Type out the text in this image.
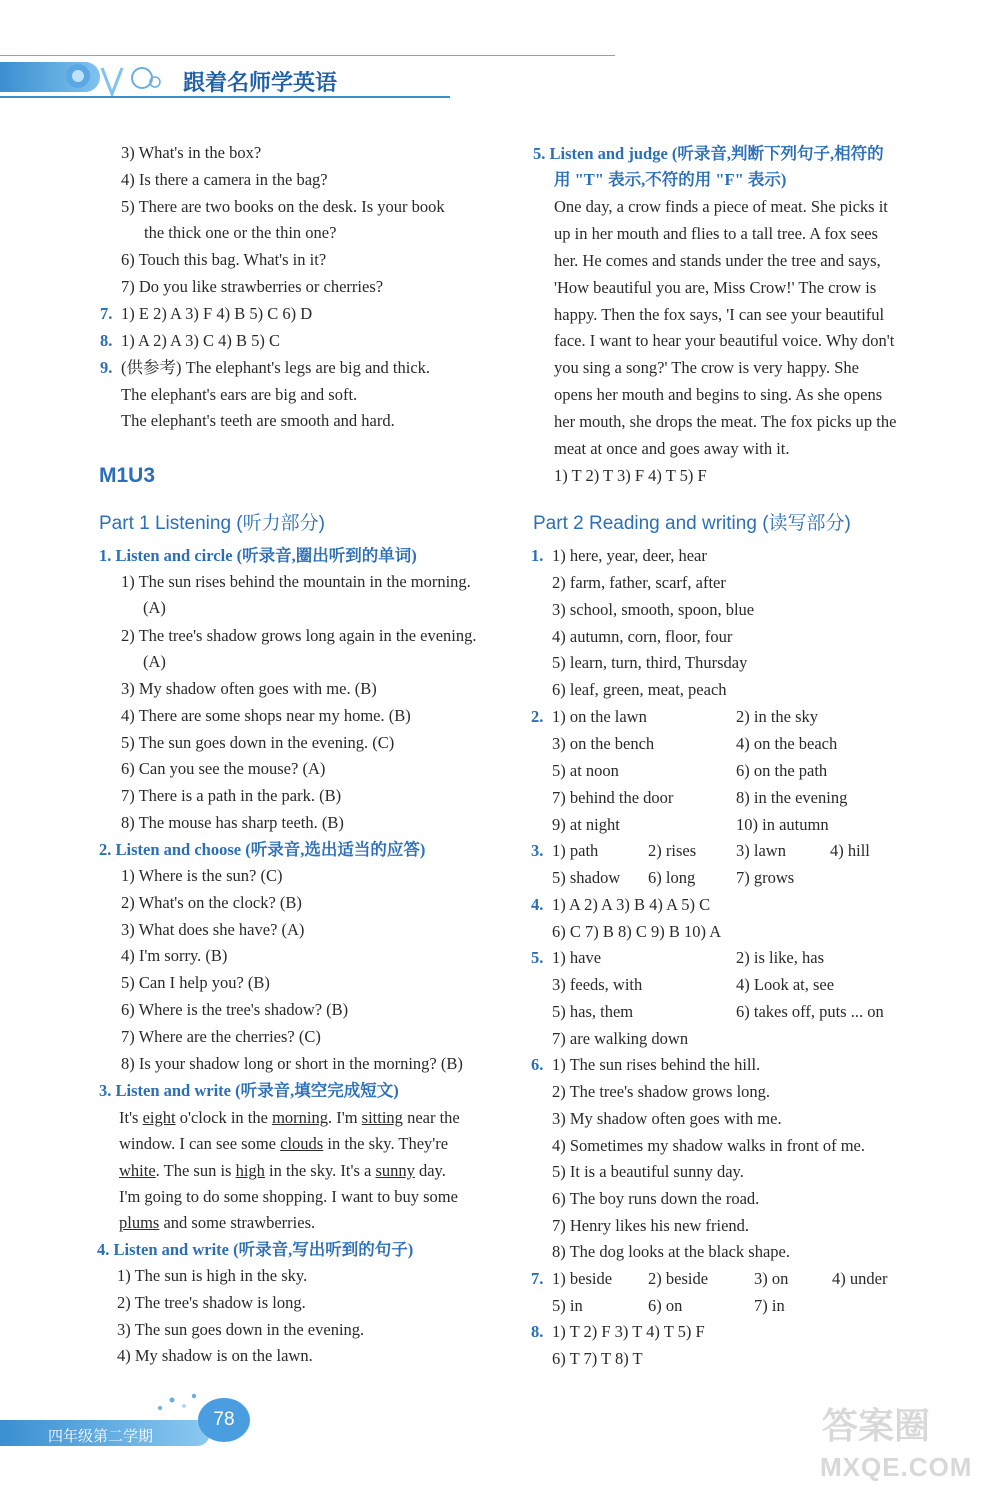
跟着名师学英语
3) What's in the box?
4) Is there a camera in the bag?
5) There are two books on the desk. Is your book
the thick one or the thin one?
6) Touch this bag. What's in it?
7) Do you like strawberries or cherries?
7. 1) E 2) A 3) F 4) B 5) C 6) D
8. 1) A 2) A 3) C 4) B 5) C
9. (供参考) The elephant's legs are big and thick.
The elephant's ears are big and soft.
The elephant's teeth are smooth and hard.
M1U3
Part 1 Listening (听力部分)
1. Listen and circle (听录音,圈出听到的单词)
1) The sun rises behind the mountain in the morning.
(A)
2) The tree's shadow grows long again in the evening.
(A)
3) My shadow often goes with me. (B)
4) There are some shops near my home. (B)
5) The sun goes down in the evening. (C)
6) Can you see the mouse? (A)
7) There is a path in the park. (B)
8) The mouse has sharp teeth. (B)
2. Listen and choose (听录音,选出适当的应答)
1) Where is the sun? (C)
2) What's on the clock? (B)
3) What does she have? (A)
4) I'm sorry. (B)
5) Can I help you? (B)
6) Where is the tree's shadow? (B)
7) Where are the cherries? (C)
8) Is your shadow long or short in the morning? (B)
3. Listen and write (听录音,填空完成短文)
It's eight o'clock in the morning. I'm sitting near the
window. I can see some clouds in the sky. They're
white. The sun is high in the sky. It's a sunny day.
I'm going to do some shopping. I want to buy some
plums and some strawberries.
4. Listen and write (听录音,写出听到的句子)
1) The sun is high in the sky.
2) The tree's shadow is long.
3) The sun goes down in the evening.
4) My shadow is on the lawn.
5. Listen and judge (听录音,判断下列句子,相符的
用 "T" 表示,不符的用 "F" 表示)
One day, a crow finds a piece of meat. She picks it
up in her mouth and flies to a tall tree. A fox sees
her. He comes and stands under the tree and says,
'How beautiful you are, Miss Crow!' The crow is
happy. Then the fox says, 'I can see your beautiful
face. I want to hear your beautiful voice. Why don't
you sing a song?' The crow is very happy. She
opens her mouth and begins to sing. As she opens
her mouth, she drops the meat. The fox picks up the
meat at once and goes away with it.
1) T 2) T 3) F 4) T 5) F
Part 2 Reading and writing (读写部分)
1. 1) here, year, deer, hear
2) farm, father, scarf, after
3) school, smooth, spoon, blue
4) autumn, corn, floor, four
5) learn, turn, third, Thursday
6) leaf, green, meat, peach
2. 1) on the lawn	2) in the sky
3) on the bench	4) on the beach
5) at noon	6) on the path
7) behind the door	8) in the evening
9) at night	10) in autumn
3. 1) path	2) rises 3) lawn	4) hill
5) shadow 6) long 7) grows
4. 1) A 2) A 3) B 4) A 5) C
6) C 7) B 8) C 9) B 10) A
5. 1) have	2) is like, has
3) feeds, with	4) Look at, see
5) has, them	6) takes off, puts ... on
7) are walking down
6. 1) The sun rises behind the hill.
2) The tree's shadow grows long.
3) My shadow often goes with me.
4) Sometimes my shadow walks in front of me.
5) It is a beautiful sunny day.
6) The boy runs down the road.
7) Henry likes his new friend.
8) The dog looks at the black shape.
7. 1) beside 2) beside	3) on	4) under
5) in	6) on	7) in
8. 1) T 2) F 3) T 4) T 5) F
6) T 7) T 8) T
四年级第二学期
78	答案圈
MXQE.COM
